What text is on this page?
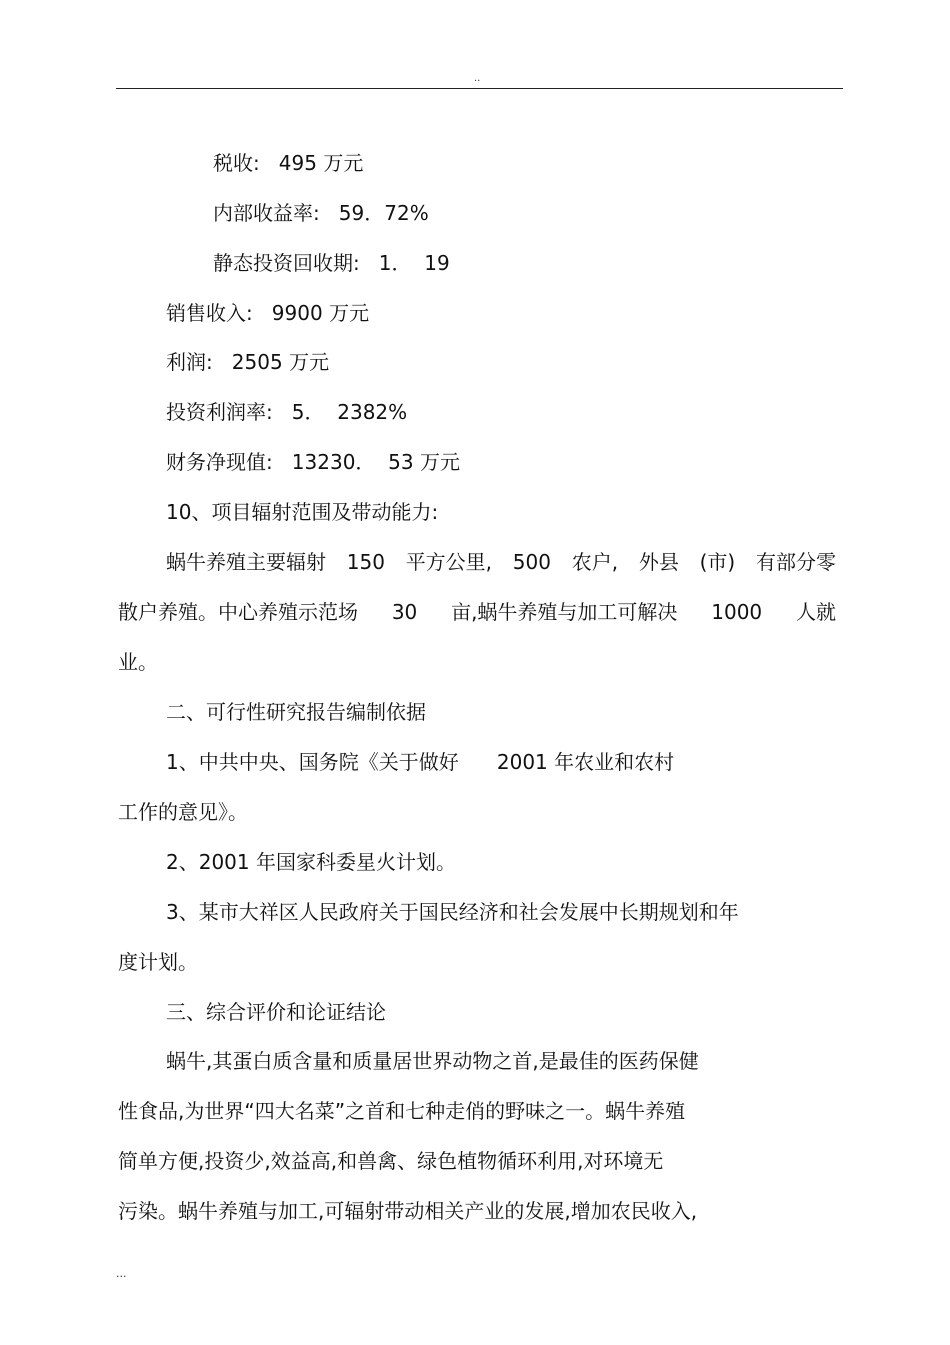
..
税收:   495 万元
内部收益率:   59．72%
静态投资回收期:   1．  19
销售收入:   9900 万元
利润:   2505 万元
投资利润率:   5．  2382%
财务净现值:   13230．  53 万元
10、项目辐射范围及带动能力:
蜗牛养殖主要辐射 150 平方公里, 500 农户, 外县 (市) 有部分零
散户养殖。中心养殖示范场 30 亩,蜗牛养殖与加工可解决 1000 人就
业。
二、可行性研究报告编制依据
1、中共中央、国务院《关于做好      2001 年农业和农村
工作的意见》。
2、2001 年国家科委星火计划。
3、某市大祥区人民政府关于国民经济和社会发展中长期规划和年
度计划。
三、综合评价和论证结论
蜗牛,其蛋白质含量和质量居世界动物之首,是最佳的医药保健
性食品,为世界“四大名菜”之首和七种走俏的野味之一。蜗牛养殖
简单方便,投资少,效益高,和兽禽、绿色植物循环利用,对环境无
污染。蜗牛养殖与加工,可辐射带动相关产业的发展,增加农民收入,
...
